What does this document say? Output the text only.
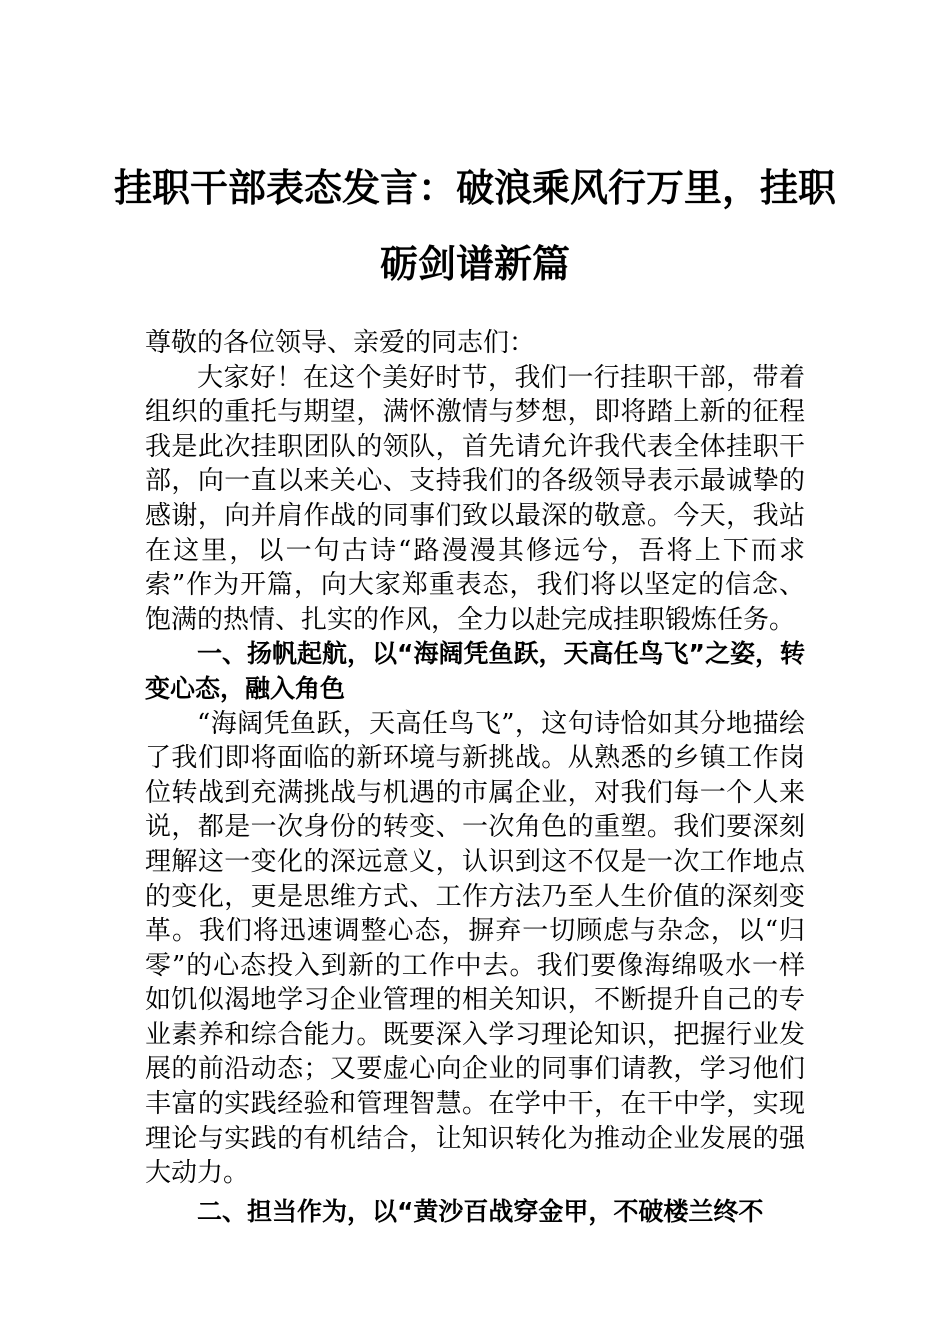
挂职干部表态发言：破浪乘风行万里，挂职砺剑谱新篇

尊敬的各位领导、亲爱的同志们：

大家好！在这个美好时节，我们一行挂职干部，带着组织的重托与期望，满怀激情与梦想，即将踏上新的征程我是此次挂职团队的领队，首先请允许我代表全体挂职干部，向一直以来关心、支持我们的各级领导表示最诚挚的感谢，向并肩作战的同事们致以最深的敬意。今天，我站在这里，以一句古诗“路漫漫其修远兮，吾将上下而求索”作为开篇，向大家郑重表态，我们将以坚定的信念、饱满的热情、扎实的作风，全力以赴完成挂职锻炼任务。

一、扬帆起航，以“海阔凭鱼跃，天高任鸟飞”之姿，转变心态，融入角色

“海阔凭鱼跃，天高任鸟飞”，这句诗恰如其分地描绘了我们即将面临的新环境与新挑战。从熟悉的乡镇工作岗位转战到充满挑战与机遇的市属企业，对我们每一个人来说，都是一次身份的转变、一次角色的重塑。我们要深刻理解这一变化的深远意义，认识到这不仅是一次工作地点的变化，更是思维方式、工作方法乃至人生价值的深刻变革。我们将迅速调整心态，摒弃一切顾虑与杂念，以“归零”的心态投入到新的工作中去。我们要像海绵吸水一样如饥似渴地学习企业管理的相关知识，不断提升自己的专业素养和综合能力。既要深入学习理论知识，把握行业发展的前沿动态；又要虚心向企业的同事们请教，学习他们丰富的实践经验和管理智慧。在学中干，在干中学，实现理论与实践的有机结合，让知识转化为推动企业发展的强大动力。

二、担当作为，以“黄沙百战穿金甲，不破楼兰终不
